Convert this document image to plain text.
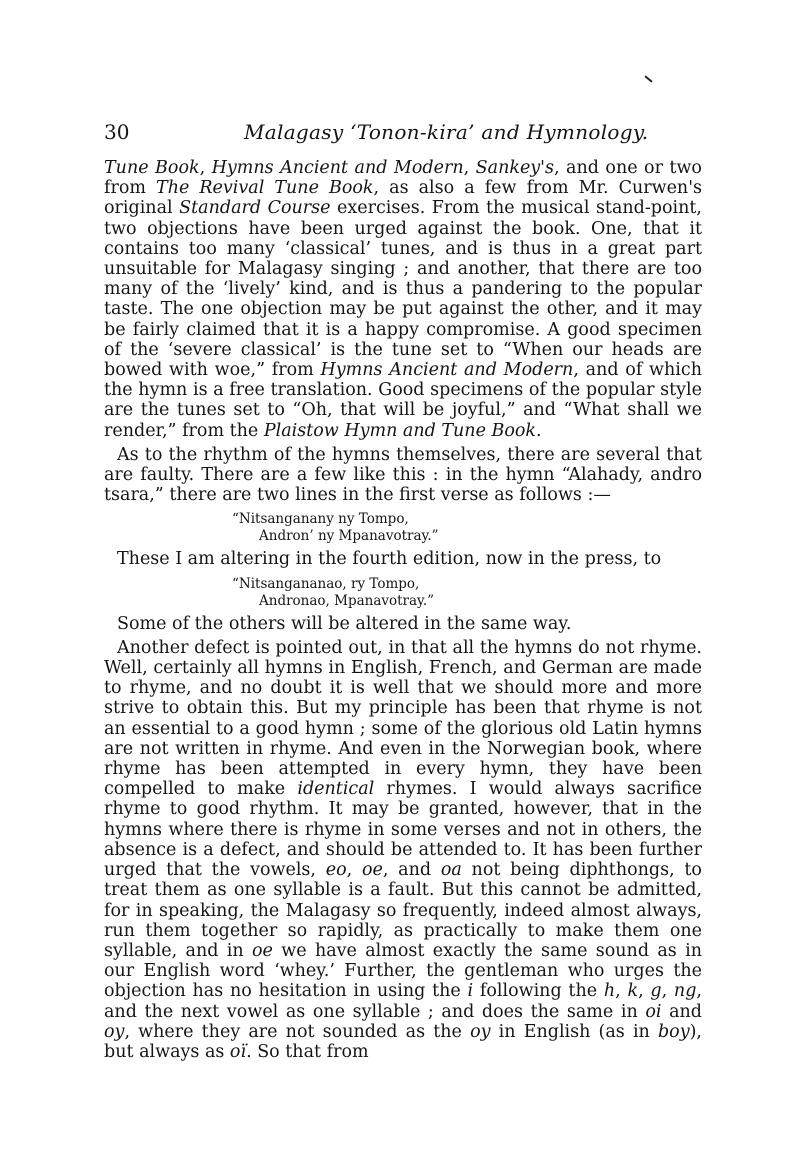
30	Malagasy ‘Tonon-kira’ and Hymnology.

Tune Book, Hymns Ancient and Modern, Sankey's, and one or two from The Revival Tune Book, as also a few from Mr. Curwen's original Standard Course exercises. From the musical stand-point, two objections have been urged against the book. One, that it contains too many ‘classical’ tunes, and is thus in a great part unsuitable for Malagasy singing ; and another, that there are too many of the ‘lively’ kind, and is thus a pandering to the popular taste. The one objection may be put against the other, and it may be fairly claimed that it is a happy compromise. A good specimen of the ‘severe classical’ is the tune set to “When our heads are bowed with woe,” from Hymns Ancient and Modern, and of which the hymn is a free translation. Good specimens of the popular style are the tunes set to “Oh, that will be joyful,” and “What shall we render,” from the Plaistow Hymn and Tune Book.

As to the rhythm of the hymns themselves, there are several that are faulty. There are a few like this : in the hymn “Alahady, andro tsara,” there are two lines in the first verse as follows :—

“Nitsanganany ny Tompo,
Andron’ ny Mpanavotray.”

These I am altering in the fourth edition, now in the press, to

“Nitsangananao, ry Tompo,
Andronao, Mpanavotray.”

Some of the others will be altered in the same way.

Another defect is pointed out, in that all the hymns do not rhyme. Well, certainly all hymns in English, French, and German are made to rhyme, and no doubt it is well that we should more and more strive to obtain this. But my principle has been that rhyme is not an essential to a good hymn ; some of the glorious old Latin hymns are not written in rhyme. And even in the Norwegian book, where rhyme has been attempted in every hymn, they have been compelled to make identical rhymes. I would always sacrifice rhyme to good rhythm. It may be granted, however, that in the hymns where there is rhyme in some verses and not in others, the absence is a defect, and should be attended to. It has been further urged that the vowels, eo, oe, and oa not being diphthongs, to treat them as one syllable is a fault. But this cannot be admitted, for in speaking, the Malagasy so frequently, indeed almost always, run them together so rapidly, as practically to make them one syllable, and in oe we have almost exactly the same sound as in our English word ‘whey.’ Further, the gentleman who urges the objection has no hesitation in using the i following the h, k, g, ng, and the next vowel as one syllable ; and does the same in oi and oy, where they are not sounded as the oy in English (as in boy), but always as oï. So that from
